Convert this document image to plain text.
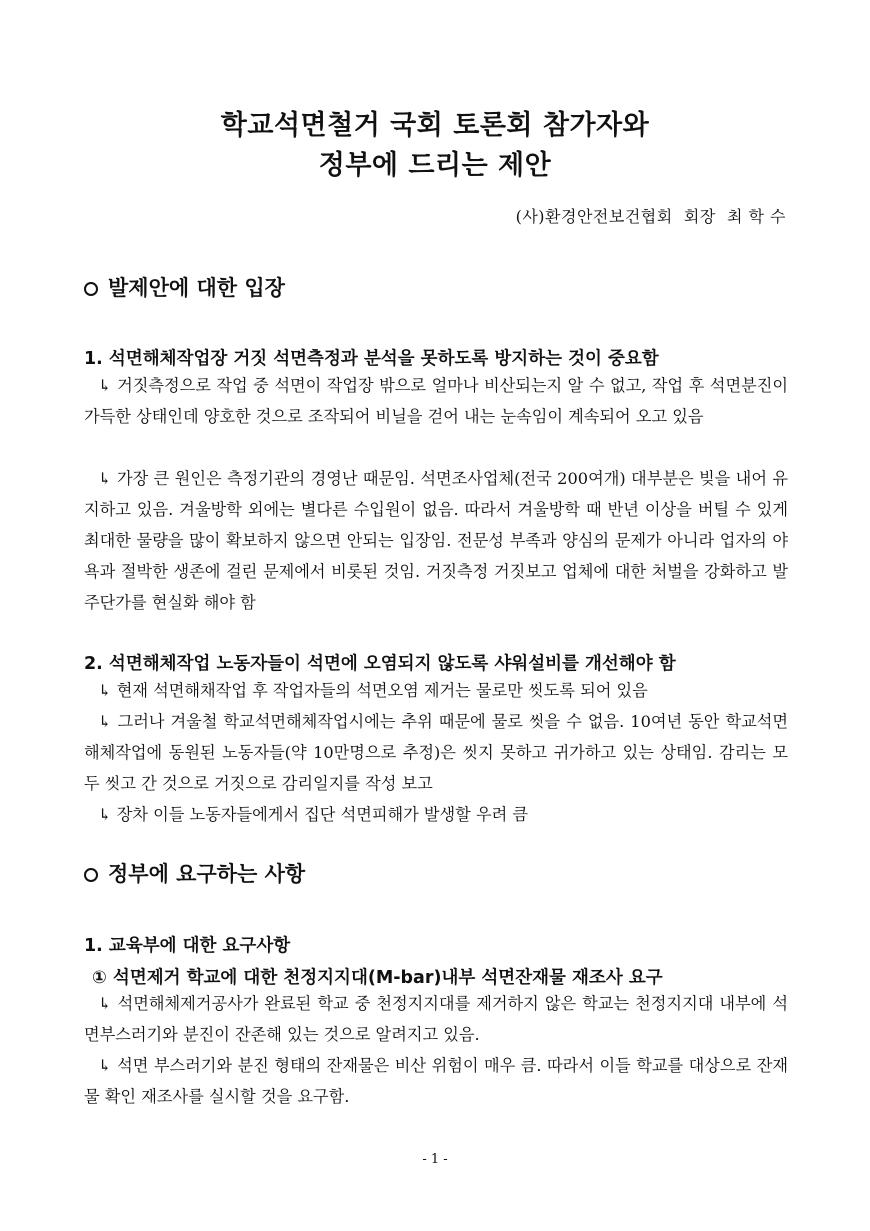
학교석면철거 국회 토론회 참가자와
정부에 드리는 제안
(사)환경안전보건협회  회장  최 학 수
발제안에 대한 입장
1. 석면해체작업장 거짓 석면측정과 분석을 못하도록 방지하는 것이 중요함
↳ 거짓측정으로 작업 중 석면이 작업장 밖으로 얼마나 비산되는지 알 수 없고, 작업 후 석면분진이 가득한 상태인데 양호한 것으로 조작되어 비닐을 걷어 내는 눈속임이 계속되어 오고 있음
↳ 가장 큰 원인은 측정기관의 경영난 때문임. 석면조사업체(전국 200여개) 대부분은 빚을 내어 유지하고 있음. 겨울방학 외에는 별다른 수입원이 없음. 따라서 겨울방학 때 반년 이상을 버틸 수 있게 최대한 물량을 많이 확보하지 않으면 안되는 입장임. 전문성 부족과 양심의 문제가 아니라 업자의 야욕과 절박한 생존에 걸린 문제에서 비롯된 것임. 거짓측정 거짓보고 업체에 대한 처벌을 강화하고 발주단가를 현실화 해야 함
2. 석면해체작업 노동자들이 석면에 오염되지 않도록 샤워설비를 개선해야 함
↳ 현재 석면해채작업 후 작업자들의 석면오염 제거는 물로만 씻도록 되어 있음
↳ 그러나 겨울철 학교석면해체작업시에는 추위 때문에 물로 씻을 수 없음. 10여년 동안 학교석면해체작업에 동원된 노동자들(약 10만명으로 추정)은 씻지 못하고 귀가하고 있는 상태임. 감리는 모두 씻고 간 것으로 거짓으로 감리일지를 작성 보고
↳ 장차 이들 노동자들에게서 집단 석면피해가 발생할 우려 큼
정부에 요구하는 사항
1. 교육부에 대한 요구사항
① 석면제거 학교에 대한 천정지지대(M-bar)내부 석면잔재물 재조사 요구
↳ 석면해체제거공사가 완료된 학교 중 천정지지대를 제거하지 않은 학교는 천정지지대 내부에 석면부스러기와 분진이 잔존해 있는 것으로 알려지고 있음.
↳ 석면 부스러기와 분진 형태의 잔재물은 비산 위험이 매우 큼. 따라서 이들 학교를 대상으로 잔재물 확인 재조사를 실시할 것을 요구함.
- 1 -
